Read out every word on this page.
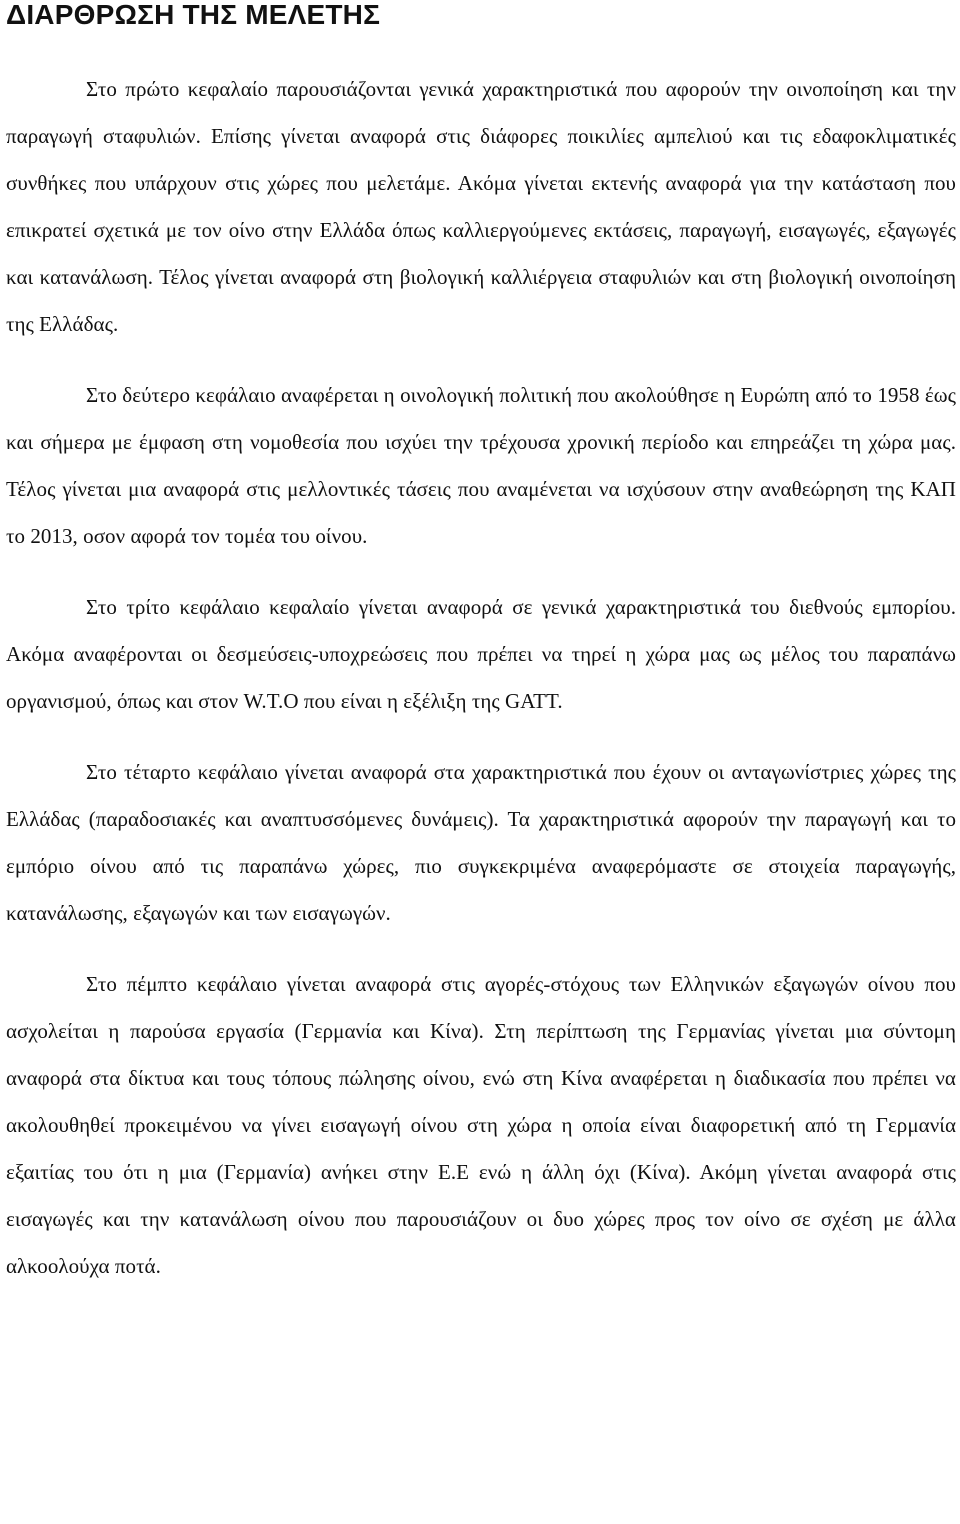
ΔΙΑΡΘΡΩΣΗ ΤΗΣ ΜΕΛΕΤΗΣ

Στο πρώτο κεφαλαίο παρουσιάζονται γενικά χαρακτηριστικά που αφορούν την οινοποίηση και την παραγωγή σταφυλιών. Επίσης γίνεται αναφορά στις διάφορες ποικιλίες αμπελιού και τις εδαφοκλιματικές συνθήκες που υπάρχουν στις χώρες που μελετάμε. Ακόμα γίνεται εκτενής αναφορά για την κατάσταση που επικρατεί σχετικά με τον οίνο στην Ελλάδα όπως καλλιεργούμενες εκτάσεις, παραγωγή, εισαγωγές, εξαγωγές και κατανάλωση. Τέλος γίνεται αναφορά στη βιολογική καλλιέργεια σταφυλιών και στη βιολογική οινοποίηση της Ελλάδας.

Στο δεύτερο κεφάλαιο αναφέρεται η οινολογική πολιτική που ακολούθησε η Ευρώπη από το 1958 έως και σήμερα με έμφαση στη νομοθεσία που ισχύει την τρέχουσα χρονική περίοδο και επηρεάζει τη χώρα μας. Τέλος γίνεται μια αναφορά στις μελλοντικές τάσεις που αναμένεται να ισχύσουν στην αναθεώρηση της ΚΑΠ το 2013, οσον αφορά τον τομέα του οίνου.

Στο τρίτο κεφάλαιο κεφαλαίο γίνεται αναφορά σε γενικά χαρακτηριστικά του διεθνούς εμπορίου. Ακόμα αναφέρονται οι δεσμεύσεις-υποχρεώσεις που πρέπει να τηρεί η χώρα μας ως μέλος του παραπάνω οργανισμού, όπως και στον W.T.O που είναι η εξέλιξη της GATT.

Στο τέταρτο κεφάλαιο γίνεται αναφορά στα χαρακτηριστικά που έχουν οι ανταγωνίστριες χώρες της Ελλάδας (παραδοσιακές και αναπτυσσόμενες δυνάμεις). Τα χαρακτηριστικά αφορούν την παραγωγή και το εμπόριο οίνου από τις παραπάνω χώρες, πιο συγκεκριμένα αναφερόμαστε σε στοιχεία παραγωγής, κατανάλωσης, εξαγωγών και των εισαγωγών.

Στο πέμπτο κεφάλαιο γίνεται αναφορά στις αγορές-στόχους των Ελληνικών εξαγωγών οίνου που ασχολείται η παρούσα εργασία (Γερμανία και Κίνα). Στη περίπτωση της Γερμανίας γίνεται μια σύντομη αναφορά στα δίκτυα και τους τόπους πώλησης οίνου, ενώ στη Κίνα αναφέρεται η διαδικασία που πρέπει να ακολουθηθεί προκειμένου να γίνει εισαγωγή οίνου στη χώρα η οποία είναι διαφορετική από τη Γερμανία εξαιτίας του ότι η μια (Γερμανία) ανήκει στην Ε.Ε ενώ η άλλη όχι (Κίνα). Ακόμη γίνεται αναφορά στις εισαγωγές και την κατανάλωση οίνου που παρουσιάζουν οι δυο χώρες προς τον οίνο σε σχέση με άλλα αλκοολούχα ποτά.
